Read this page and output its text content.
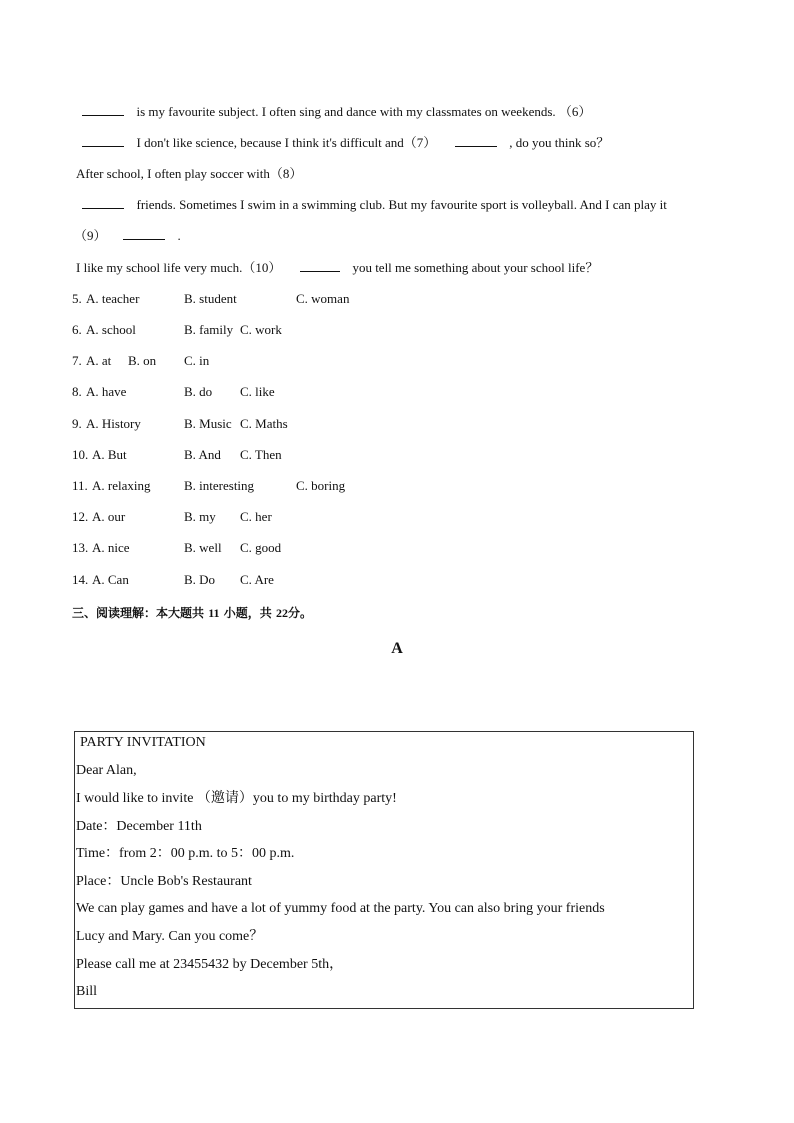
is my favourite subject. I often sing and dance with my classmates on weekends. （6）
I don't like science, because I think it's difficult and（7）	, do you think so？
After school, I often play soccer with（8）
friends. Sometimes I swim in a swimming club. But my favourite sport is volleyball. And I can play it
（9）	.
I like my school life very much.（10）	you tell me something about your school life？
5. A. teacher	B. student	C. woman
6. A. school	B. family C. work
7. A. at B. on C. in
8. A. have	B. do C. like
9. A. History	B. Music C. Maths
10. A. But	B. And C. Then
11. A. relaxing	B. interesting	C. boring
12. A. our	B. my C. her
13. A. nice	B. well C. good
14. A. Can	B. Do C. Are
三、阅读理解：本大题共 11 小题，共 22分。
A
PARTY INVITATION
Dear Alan,
I would like to invite （邀请）you to my birthday party!
Date：December 11th
Time：from 2：00 p.m. to 5：00 p.m.
Place：Uncle Bob's Restaurant
We can play games and have a lot of yummy food at the party. You can also bring your friends
Lucy and Mary. Can you come？
Please call me at 23455432 by December 5th，
Bill
